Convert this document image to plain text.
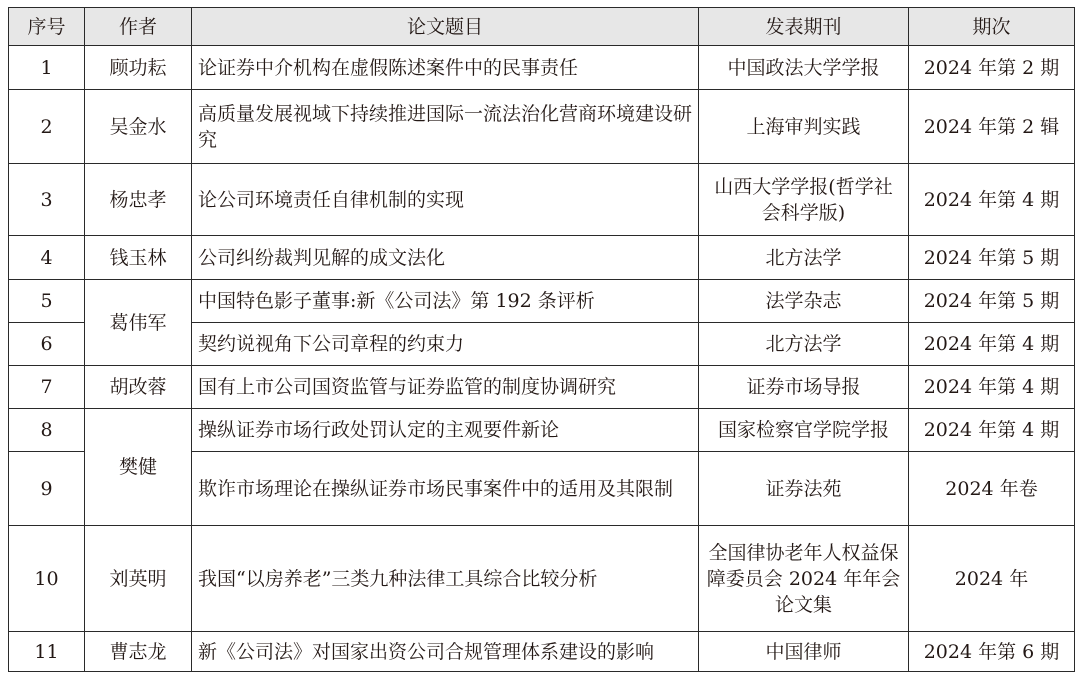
序号	作者	论文题目	发表期刊	期次
1	顾功耘	论证券中介机构在虚假陈述案件中的民事责任	中国政法大学学报	2024 年第 2 期
2	吴金水	高质量发展视域下持续推进国际一流法治化营商环境建设研究	上海审判实践	2024 年第 2 辑
3	杨忠孝	论公司环境责任自律机制的实现	山西大学学报(哲学社会科学版)	2024 年第 4 期
4	钱玉林	公司纠纷裁判见解的成文法化	北方法学	2024 年第 5 期
5	葛伟军	中国特色影子董事:新《公司法》第 192 条评析	法学杂志	2024 年第 5 期
6		契约说视角下公司章程的约束力	北方法学	2024 年第 4 期
7	胡改蓉	国有上市公司国资监管与证券监管的制度协调研究	证券市场导报	2024 年第 4 期
8	樊健	操纵证券市场行政处罚认定的主观要件新论	国家检察官学院学报	2024 年第 4 期
9		欺诈市场理论在操纵证券市场民事案件中的适用及其限制	证券法苑	2024 年卷
10	刘英明	我国“以房养老”三类九种法律工具综合比较分析	全国律协老年人权益保障委员会 2024 年年会论文集	2024 年
11	曹志龙	新《公司法》对国家出资公司合规管理体系建设的影响	中国律师	2024 年第 6 期
